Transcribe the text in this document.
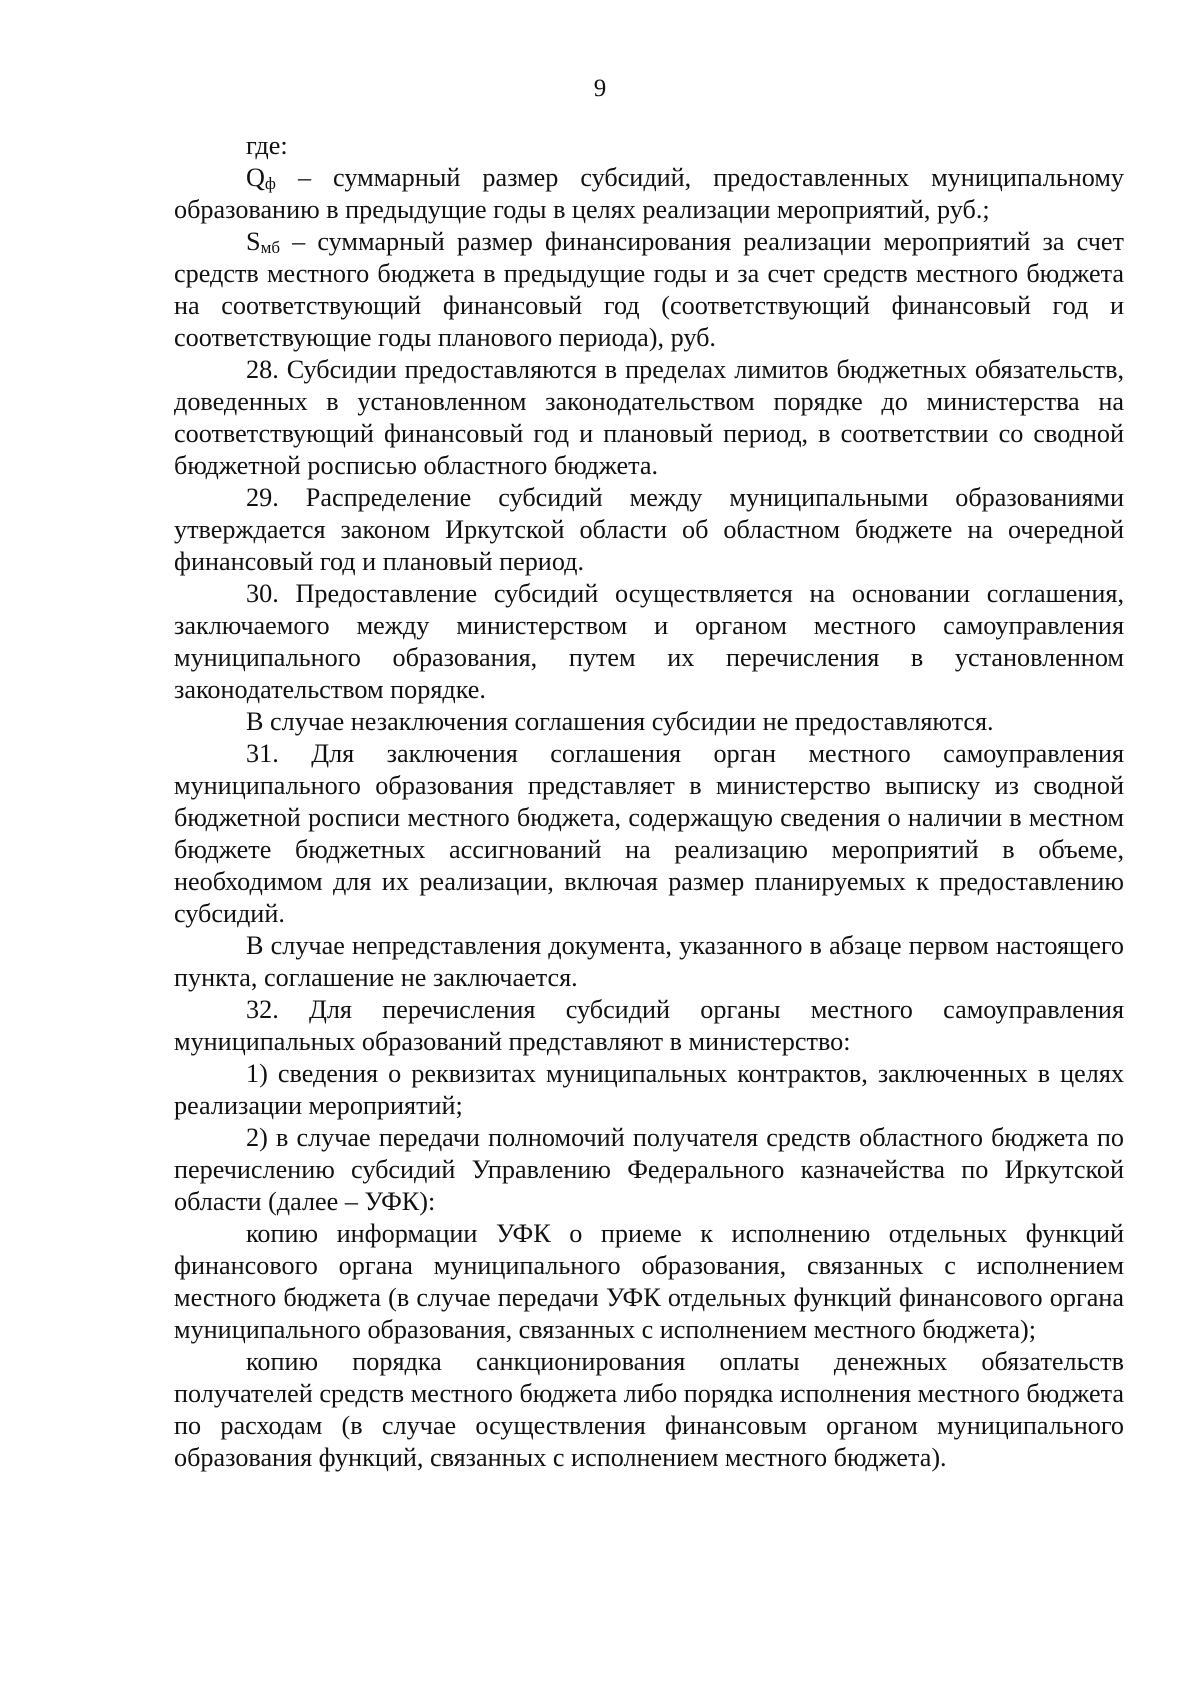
9

где:

Qф – суммарный размер субсидий, предоставленных муниципальному образованию в предыдущие годы в целях реализации мероприятий, руб.;

Sмб – суммарный размер финансирования реализации мероприятий за счет средств местного бюджета в предыдущие годы и за счет средств местного бюджета на соответствующий финансовый год (соответствующий финансовый год и соответствующие годы планового периода), руб.

28. Субсидии предоставляются в пределах лимитов бюджетных обязательств, доведенных в установленном законодательством порядке до министерства на соответствующий финансовый год и плановый период, в соответствии со сводной бюджетной росписью областного бюджета.

29. Распределение субсидий между муниципальными образованиями утверждается законом Иркутской области об областном бюджете на очередной финансовый год и плановый период.

30. Предоставление субсидий осуществляется на основании соглашения, заключаемого между министерством и органом местного самоуправления муниципального образования, путем их перечисления в установленном законодательством порядке.

В случае незаключения соглашения субсидии не предоставляются.

31. Для заключения соглашения орган местного самоуправления муниципального образования представляет в министерство выписку из сводной бюджетной росписи местного бюджета, содержащую сведения о наличии в местном бюджете бюджетных ассигнований на реализацию мероприятий в объеме, необходимом для их реализации, включая размер планируемых к предоставлению субсидий.

В случае непредставления документа, указанного в абзаце первом настоящего пункта, соглашение не заключается.

32. Для перечисления субсидий органы местного самоуправления муниципальных образований представляют в министерство:

1) сведения о реквизитах муниципальных контрактов, заключенных в целях реализации мероприятий;

2) в случае передачи полномочий получателя средств областного бюджета по перечислению субсидий Управлению Федерального казначейства по Иркутской области (далее – УФК):

копию информации УФК о приеме к исполнению отдельных функций финансового органа муниципального образования, связанных с исполнением местного бюджета (в случае передачи УФК отдельных функций финансового органа муниципального образования, связанных с исполнением местного бюджета);

копию порядка санкционирования оплаты денежных обязательств получателей средств местного бюджета либо порядка исполнения местного бюджета по расходам (в случае осуществления финансовым органом муниципального образования функций, связанных с исполнением местного бюджета).
